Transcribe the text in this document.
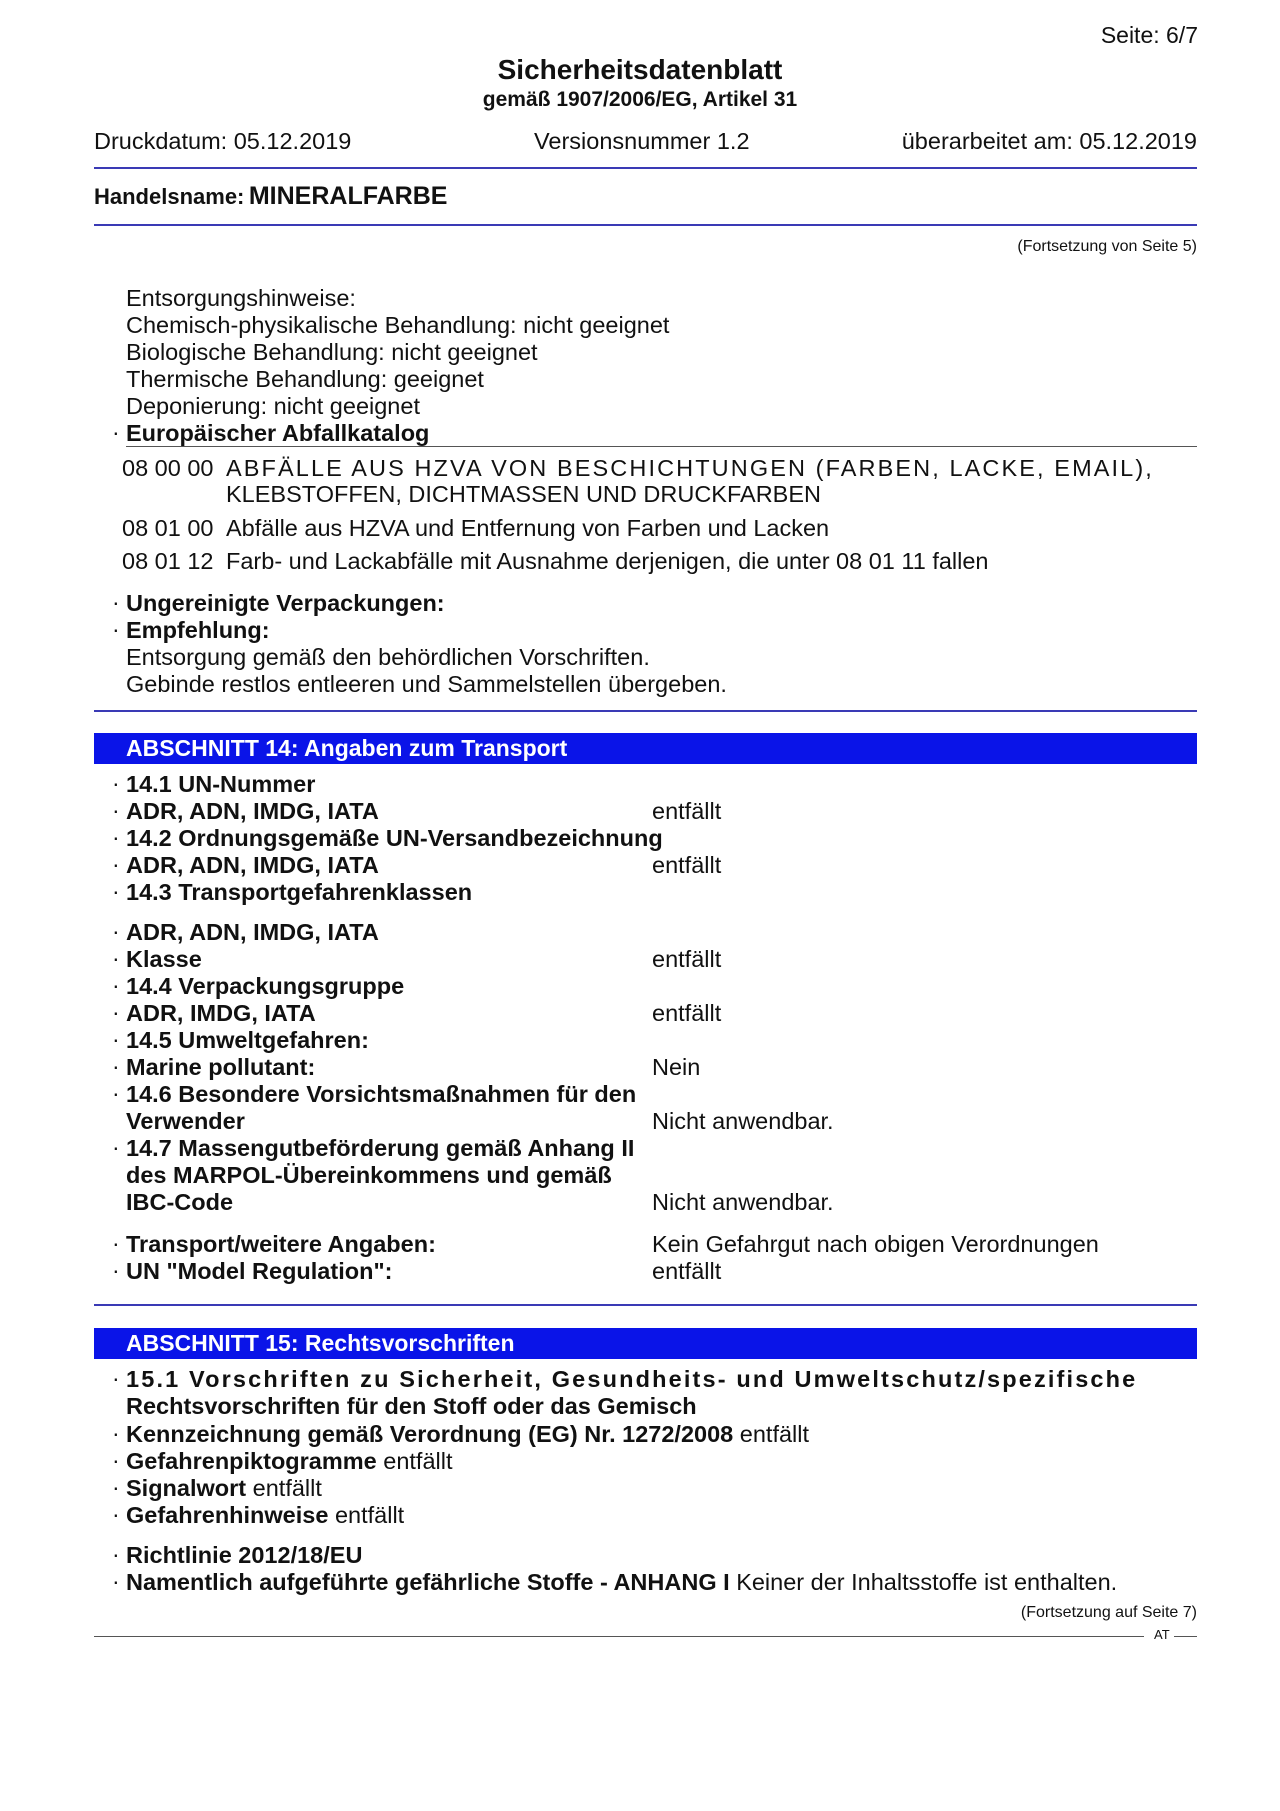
Seite: 6/7
Sicherheitsdatenblatt
gemäß 1907/2006/EG, Artikel 31
Druckdatum: 05.12.2019	Versionsnummer 1.2	überarbeitet am: 05.12.2019
Handelsname: MINERALFARBE
(Fortsetzung von Seite 5)
Entsorgungshinweise:
Chemisch-physikalische Behandlung: nicht geeignet
Biologische Behandlung: nicht geeignet
Thermische Behandlung: geeignet
Deponierung: nicht geeignet
· Europäischer Abfallkatalog
08 00 00 ABFÄLLE AUS HZVA VON BESCHICHTUNGEN (FARBEN, LACKE, EMAIL),
KLEBSTOFFEN, DICHTMASSEN UND DRUCKFARBEN
08 01 00 Abfälle aus HZVA und Entfernung von Farben und Lacken
08 01 12 Farb- und Lackabfälle mit Ausnahme derjenigen, die unter 08 01 11 fallen
· Ungereinigte Verpackungen:
· Empfehlung:
Entsorgung gemäß den behördlichen Vorschriften.
Gebinde restlos entleeren und Sammelstellen übergeben.
ABSCHNITT 14: Angaben zum Transport
· 14.1 UN-Nummer
· ADR, ADN, IMDG, IATA	entfällt
· 14.2 Ordnungsgemäße UN-Versandbezeichnung
· ADR, ADN, IMDG, IATA	entfällt
· 14.3 Transportgefahrenklassen
· ADR, ADN, IMDG, IATA
· Klasse	entfällt
· 14.4 Verpackungsgruppe
· ADR, IMDG, IATA	entfällt
· 14.5 Umweltgefahren:
· Marine pollutant:	Nein
· 14.6 Besondere Vorsichtsmaßnahmen für den
Verwender	Nicht anwendbar.
· 14.7 Massengutbeförderung gemäß Anhang II
des MARPOL-Übereinkommens und gemäß
IBC-Code	Nicht anwendbar.
· Transport/weitere Angaben:	Kein Gefahrgut nach obigen Verordnungen
· UN "Model Regulation":	entfällt
ABSCHNITT 15: Rechtsvorschriften
· 15.1 Vorschriften zu Sicherheit, Gesundheits- und Umweltschutz/spezifische
Rechtsvorschriften für den Stoff oder das Gemisch
· Kennzeichnung gemäß Verordnung (EG) Nr. 1272/2008 entfällt
· Gefahrenpiktogramme entfällt
· Signalwort entfällt
· Gefahrenhinweise entfällt
· Richtlinie 2012/18/EU
· Namentlich aufgeführte gefährliche Stoffe - ANHANG I Keiner der Inhaltsstoffe ist enthalten.
(Fortsetzung auf Seite 7)
AT
